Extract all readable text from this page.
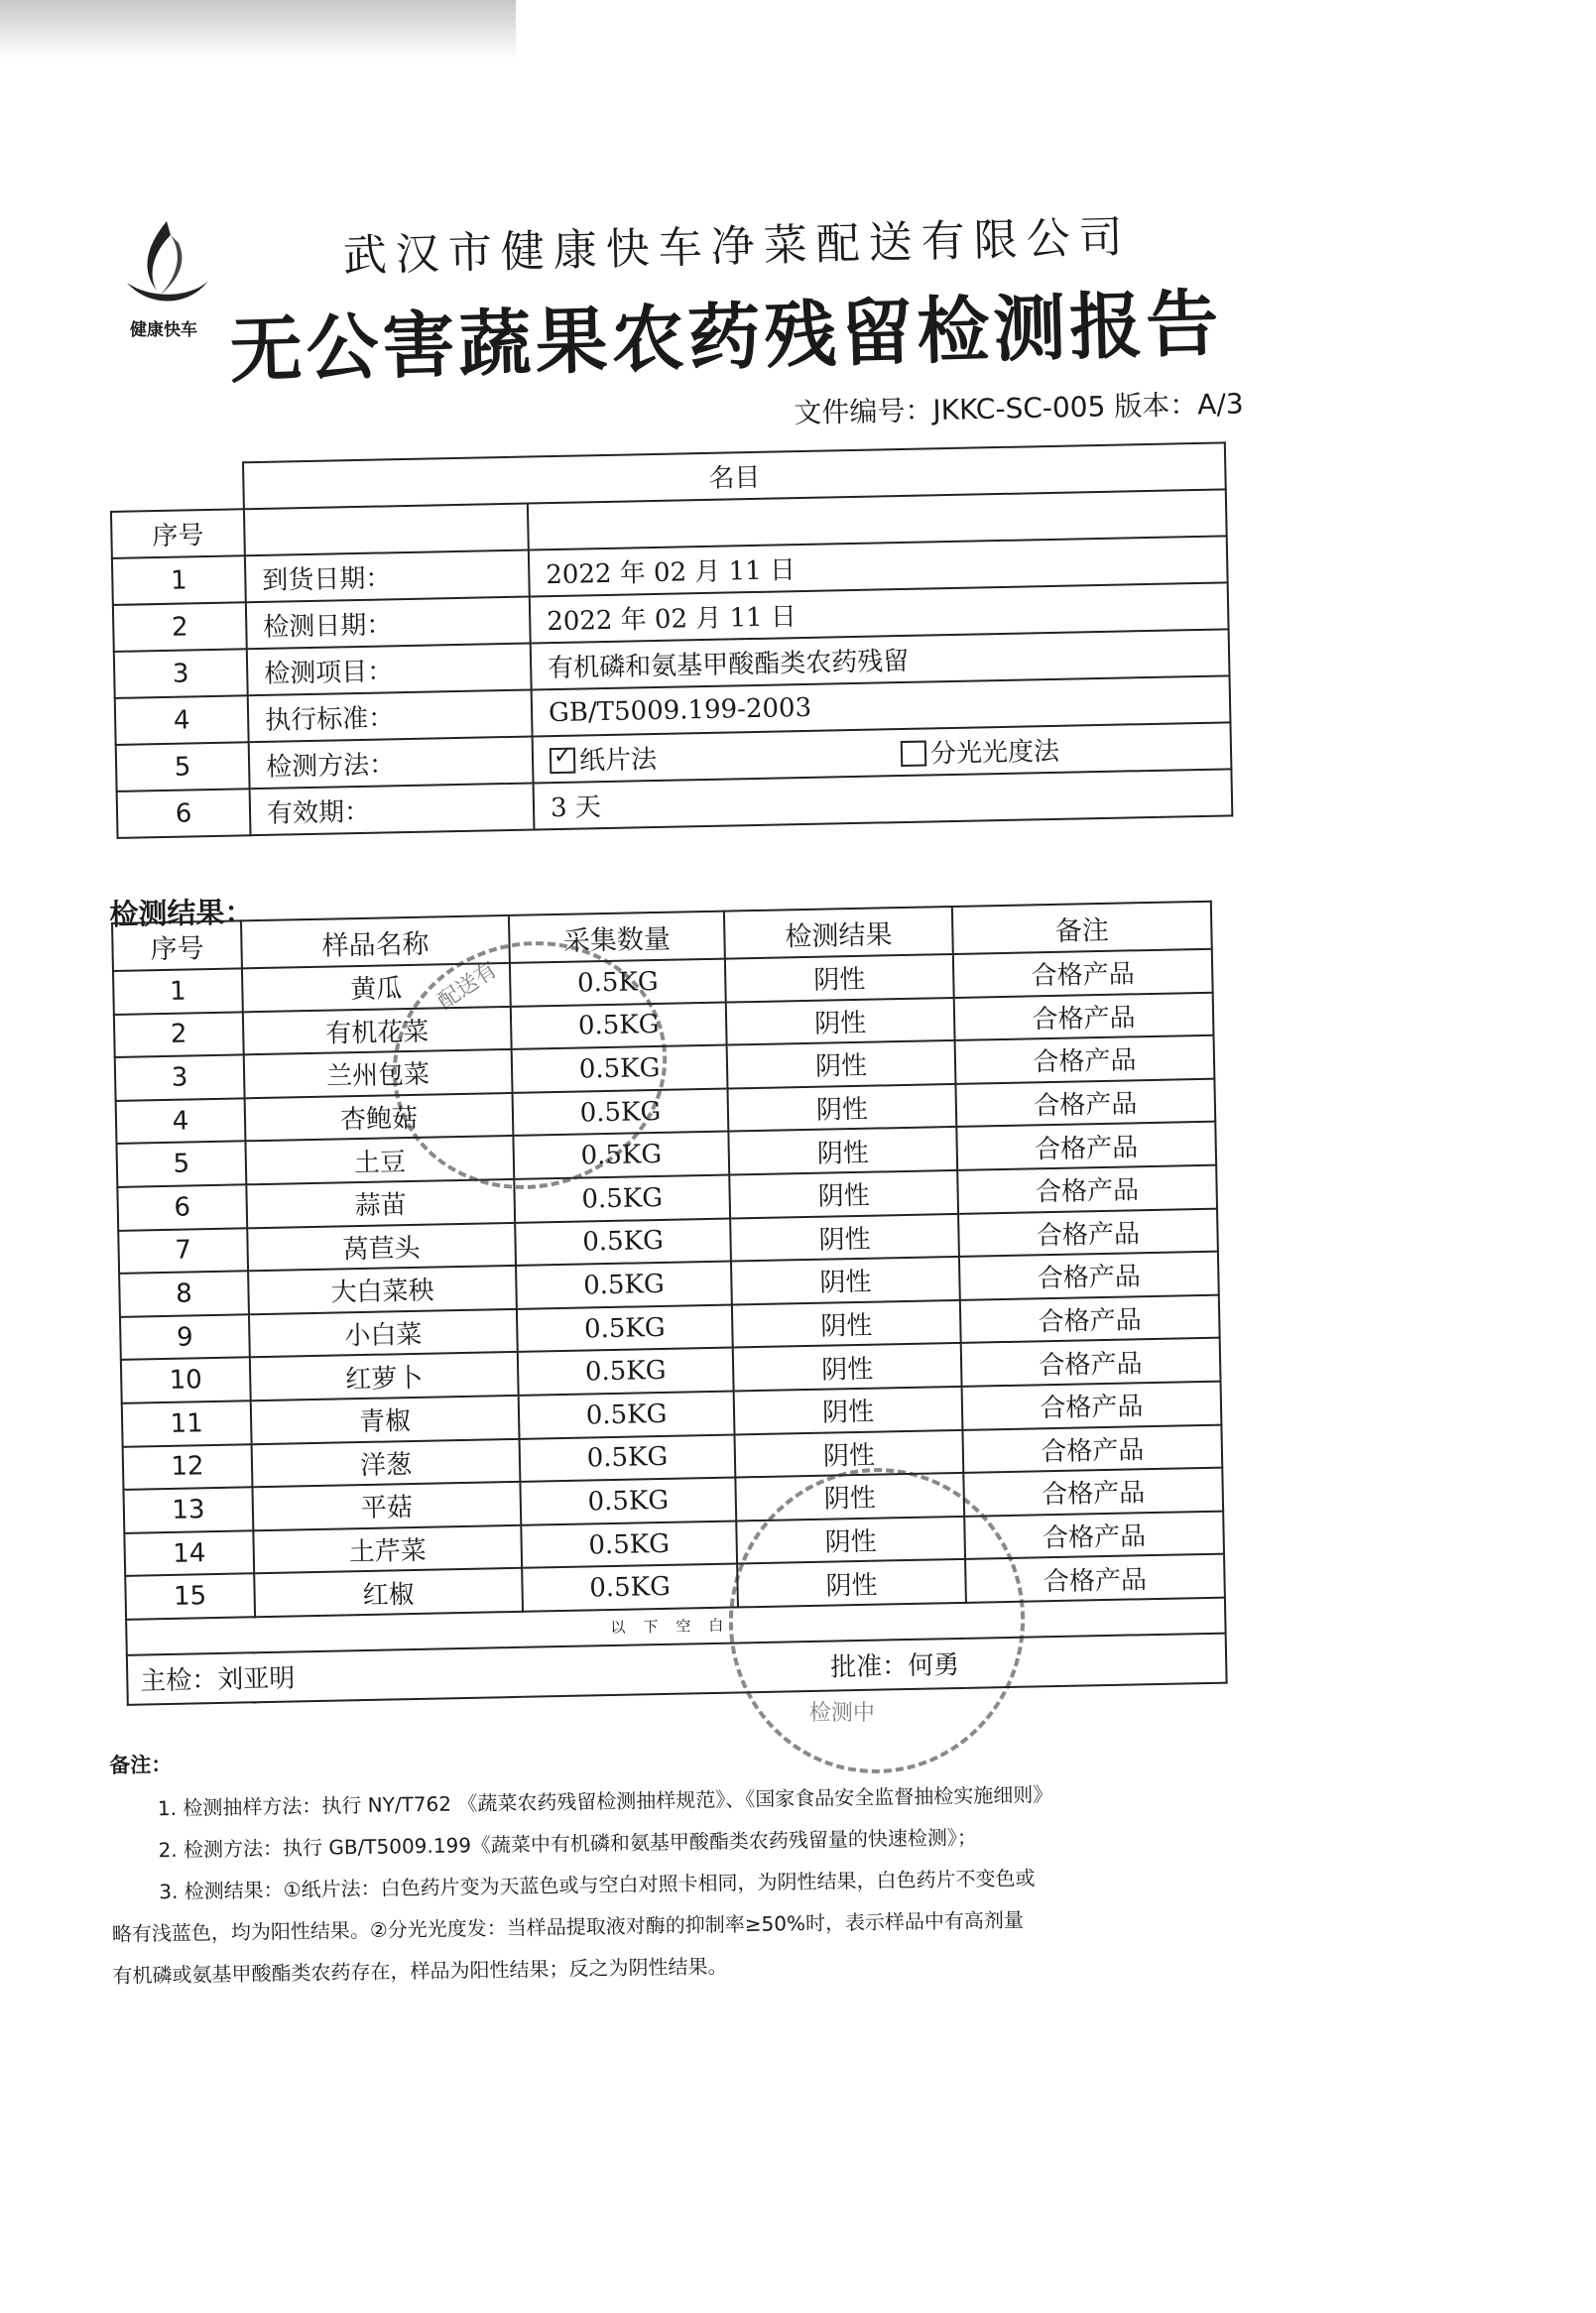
健康快车
武汉市健康快车净菜配送有限公司
无公害蔬果农药残留检测报告
文件编号：JKKC-SC-005 版本：A/3
	名目	
序号		
1	到货日期：	2022 年 02 月 11 日
2	检测日期：	2022 年 02 月 11 日
3	检测项目：	有机磷和氨基甲酸酯类农药残留
4	执行标准：	GB/T5009.199-2003
5	检测方法：	✓纸片法 分光光度法

6	有效期：	3 天
检测结果：
序号	样品名称	采集数量	检测结果	备注
1	黄瓜	0.5KG	阴性	合格产品
2	有机花菜	0.5KG	阴性	合格产品
3	兰州包菜	0.5KG	阴性	合格产品
4	杏鲍菇	0.5KG	阴性	合格产品
5	土豆	0.5KG	阴性	合格产品
6	蒜苗	0.5KG	阴性	合格产品
7	莴苣头	0.5KG	阴性	合格产品
8	大白菜秧	0.5KG	阴性	合格产品
9	小白菜	0.5KG	阴性	合格产品
10	红萝卜	0.5KG	阴性	合格产品
11	青椒	0.5KG	阴性	合格产品
12	洋葱	0.5KG	阴性	合格产品
13	平菇	0.5KG	阴性	合格产品
14	土芹菜	0.5KG	阴性	合格产品
15	红椒	0.5KG	阴性	合格产品
以下空白				
主检：刘亚明 批准：何勇				
配送有
检测中
备注：
1. 检测抽样方法：执行 NY/T762 《蔬菜农药残留检测抽样规范》、《国家食品安全监督抽检实施细则》
2. 检测方法：执行 GB/T5009.199《蔬菜中有机磷和氨基甲酸酯类农药残留量的快速检测》；
3. 检测结果：①纸片法：白色药片变为天蓝色或与空白对照卡相同，为阴性结果，白色药片不变色或
略有浅蓝色，均为阳性结果。②分光光度发：当样品提取液对酶的抑制率≥50%时，表示样品中有高剂量
有机磷或氨基甲酸酯类农药存在，样品为阳性结果；反之为阴性结果。
